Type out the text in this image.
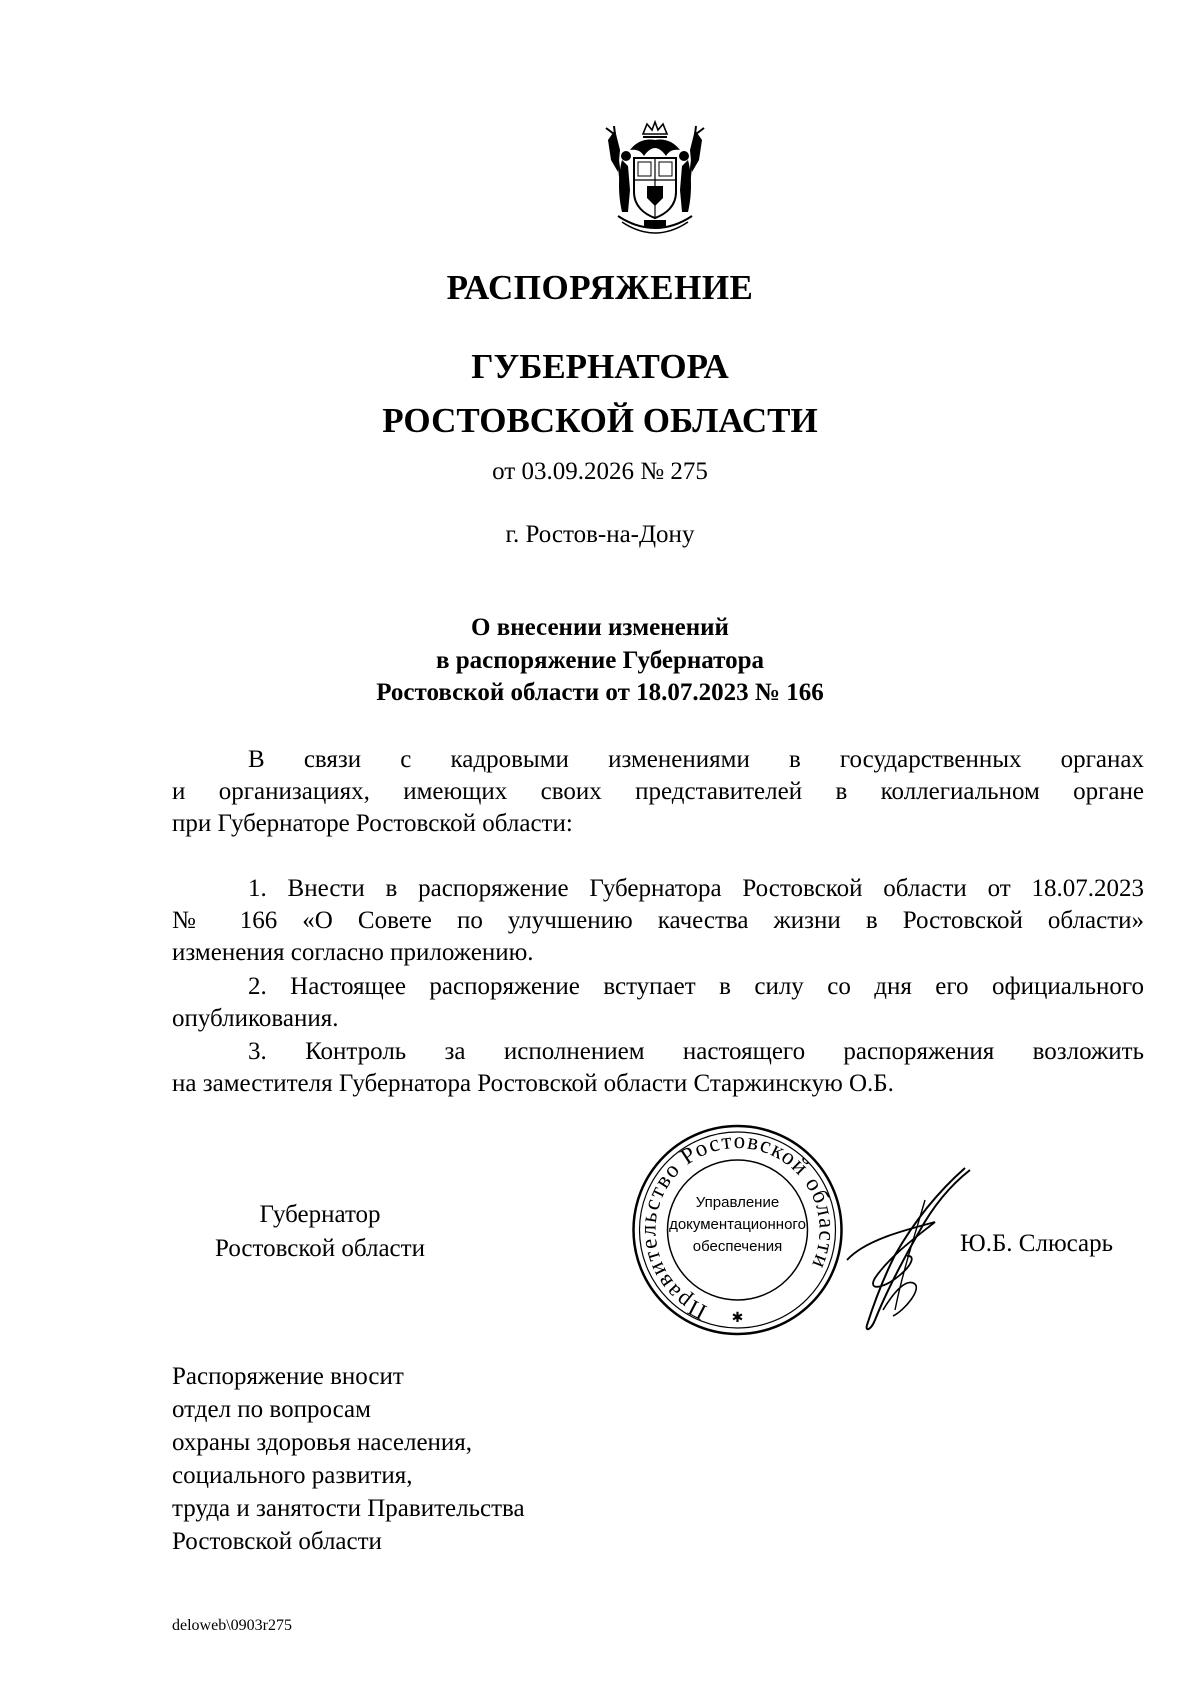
РАСПОРЯЖЕНИЕ
ГУБЕРНАТОРА
РОСТОВСКОЙ ОБЛАСТИ
от 03.09.2026 № 275
г. Ростов-на-Дону
О внесении изменений
в распоряжение Губернатора
Ростовской области от 18.07.2023 № 166
В связи с кадровыми изменениями в государственных органах
и организациях, имеющих своих представителей в коллегиальном органе
при Губернаторе Ростовской области:
1. Внести в распоряжение Губернатора Ростовской области от 18.07.2023
№ 166 «О Совете по улучшению качества жизни в Ростовской области»
изменения согласно приложению.
2. Настоящее распоряжение вступает в силу со дня его официального
опубликования.
3. Контроль за исполнением настоящего распоряжения возложить
на заместителя Губернатора Ростовской области Старжинскую О.Б.
Губернатор
Ростовской области
Правительство Ростовской области
Управление
документационного
обеспечения
✱
Ю.Б. Слюсарь
Распоряжение вносит
отдел по вопросам
охраны здоровья населения,
социального развития,
труда и занятости Правительства
Ростовской области
deloweb\0903r275
